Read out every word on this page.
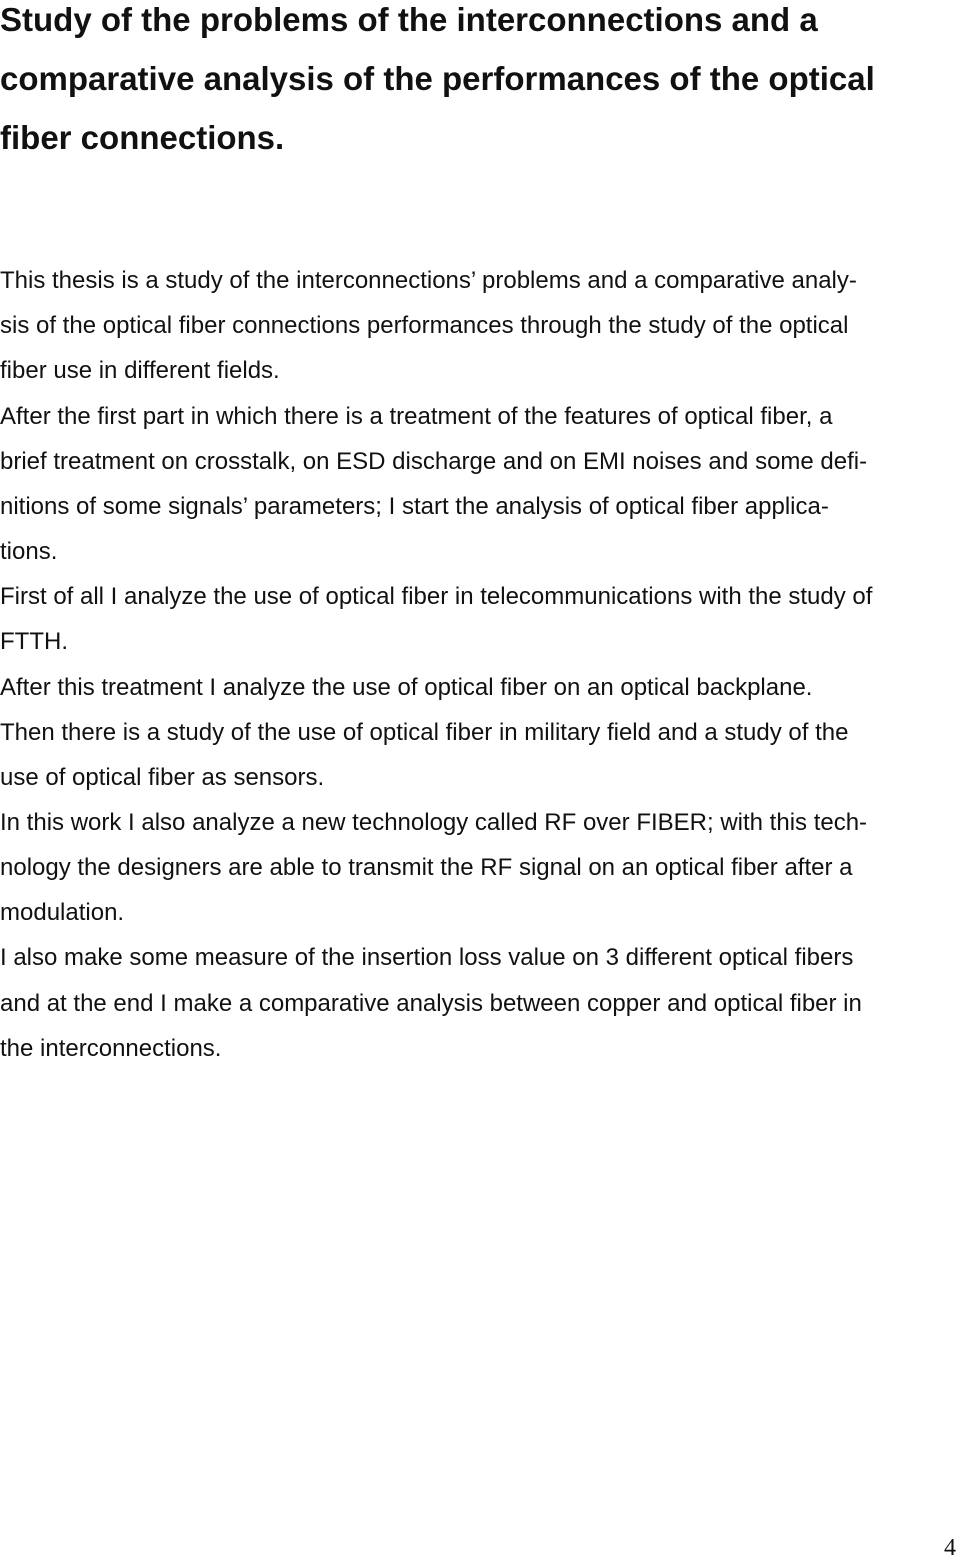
Study of the problems of the interconnections and a comparative analysis of the performances of the optical fiber connections.

This thesis is a study of the interconnections’ problems and a comparative analy-

sis of the optical fiber connections performances through the study of the optical

fiber use in different fields.

After the first part in which there is a treatment of the features of optical fiber, a

brief treatment on crosstalk, on ESD discharge and on EMI noises and some defi-

nitions of some signals’ parameters; I start the analysis of optical fiber applica-

tions.

First of all I analyze the use of optical fiber in telecommunications with the study of

FTTH.

After this treatment I analyze the use of optical fiber on an optical backplane.

Then there is a study of the use of optical fiber in military field and a study of the

use of optical fiber as sensors.

In this work I also analyze a new technology called RF over FIBER; with this tech-

nology the designers are able to transmit the RF signal on an optical fiber after a

modulation.

I also make some measure of the insertion loss value on 3 different optical fibers

and at the end I make a comparative analysis between copper and optical fiber in

the interconnections.

4
